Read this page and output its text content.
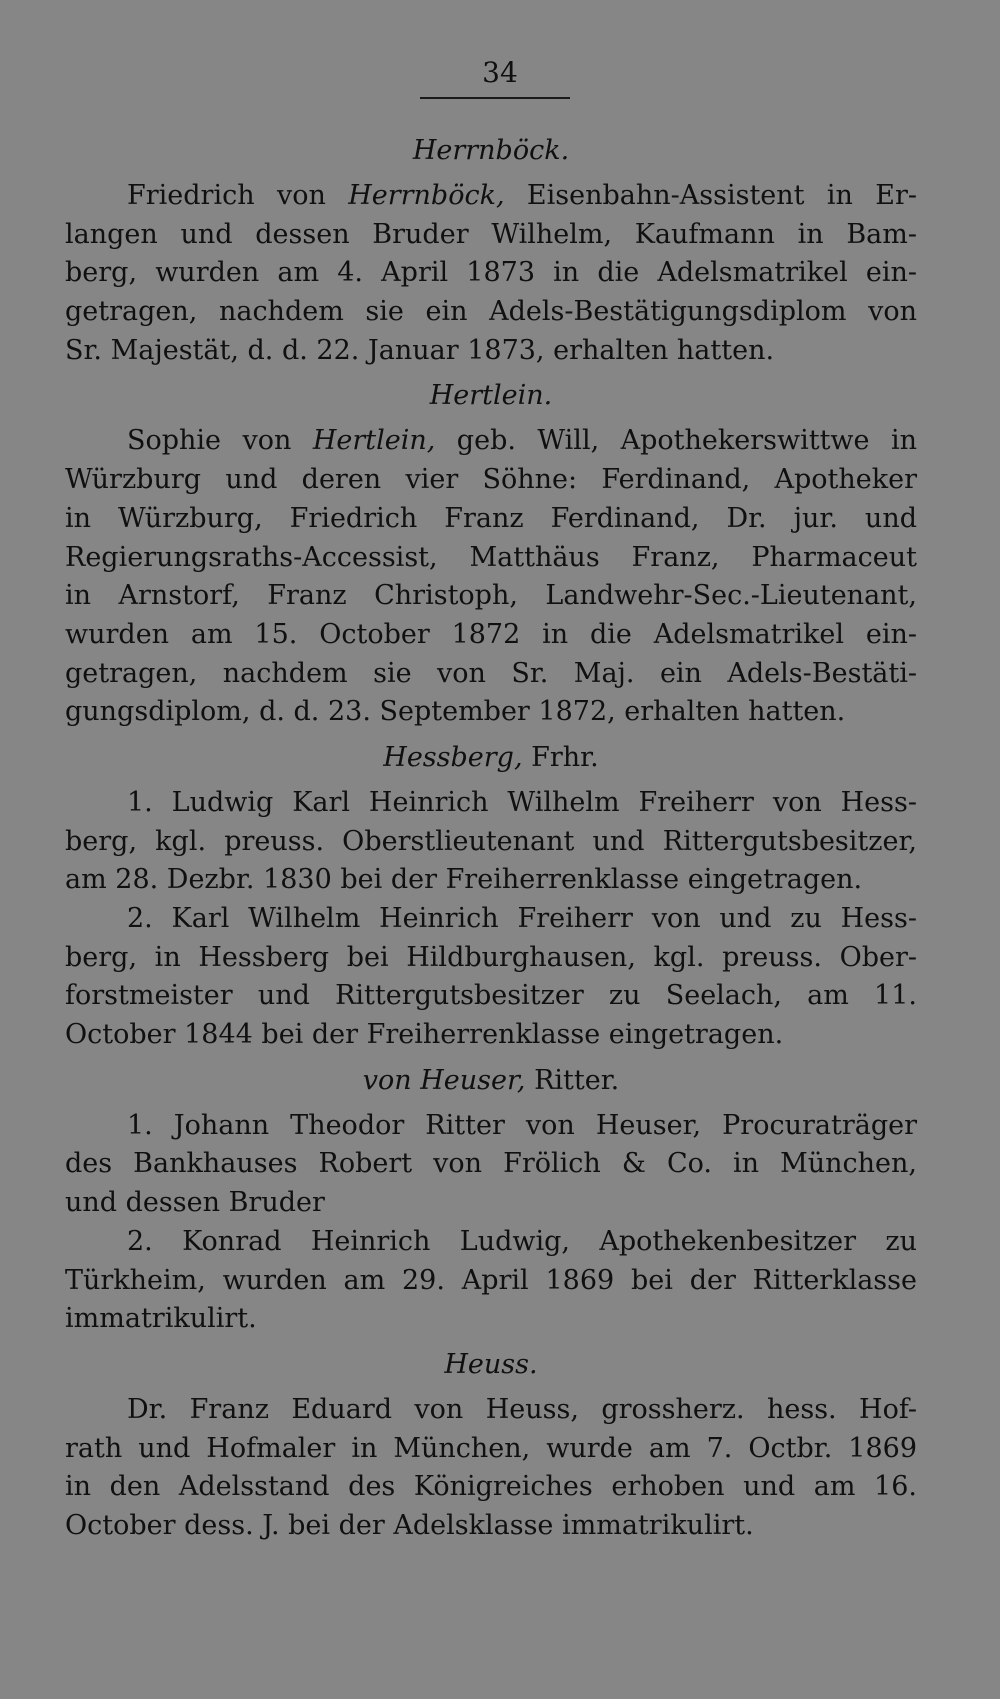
34
Herrnböck.
Friedrich von Herrnböck, Eisenbahn-Assistent in Er-
langen und dessen Bruder Wilhelm, Kaufmann in Bam-
berg, wurden am 4. April 1873 in die Adelsmatrikel ein-
getragen, nachdem sie ein Adels-Bestätigungsdiplom von
Sr. Majestät, d. d. 22. Januar 1873, erhalten hatten.
Hertlein.
Sophie von Hertlein, geb. Will, Apothekerswittwe in
Würzburg und deren vier Söhne: Ferdinand, Apotheker
in Würzburg, Friedrich Franz Ferdinand, Dr. jur. und
Regierungsraths-Accessist, Matthäus Franz, Pharmaceut
in Arnstorf, Franz Christoph, Landwehr-Sec.-Lieutenant,
wurden am 15. October 1872 in die Adelsmatrikel ein-
getragen, nachdem sie von Sr. Maj. ein Adels-Bestäti-
gungsdiplom, d. d. 23. September 1872, erhalten hatten.
Hessberg, Frhr.
1. Ludwig Karl Heinrich Wilhelm Freiherr von Hess-
berg, kgl. preuss. Oberstlieutenant und Rittergutsbesitzer,
am 28. Dezbr. 1830 bei der Freiherrenklasse eingetragen.
2. Karl Wilhelm Heinrich Freiherr von und zu Hess-
berg, in Hessberg bei Hildburghausen, kgl. preuss. Ober-
forstmeister und Rittergutsbesitzer zu Seelach, am 11.
October 1844 bei der Freiherrenklasse eingetragen.
von Heuser, Ritter.
1. Johann Theodor Ritter von Heuser, Procuraträger
des Bankhauses Robert von Frölich & Co. in München,
und dessen Bruder
2. Konrad Heinrich Ludwig, Apothekenbesitzer zu
Türkheim, wurden am 29. April 1869 bei der Ritterklasse
immatrikulirt.
Heuss.
Dr. Franz Eduard von Heuss, grossherz. hess. Hof-
rath und Hofmaler in München, wurde am 7. Octbr. 1869
in den Adelsstand des Königreiches erhoben und am 16.
October dess. J. bei der Adelsklasse immatrikulirt.
